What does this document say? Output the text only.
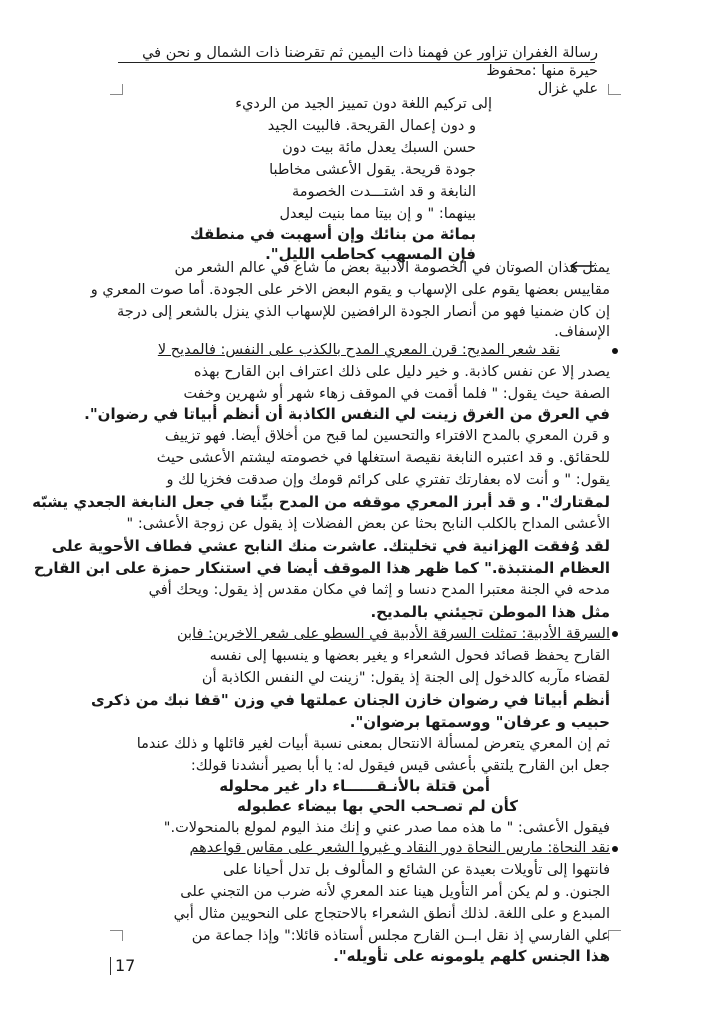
رسالة الغفران تزاور عن فهمنا ذات اليمين ثم تقرضنا ذات الشمال و نحن في حيرة منها :محفوظ
علي غزال
إلى تركيم اللغة دون تمييز الجيد من الرديء
و دون إعمال القريحة. فالبيت الجيد
حسن السبك يعدل مائة بيت دون
جودة قريحة. يقول الأعشى مخاطبا
النابغة و قد اشتـــدت الخصومة
بينهما: " و إن بيتا مما بنيت ليعدل
بمائة من بنائك وإن أسهبت في منطقك
فإن المسهب كحاطب الليل".
يمثل هذان الصوتان في الخصومة الأدبية بعض ما شاع في عالم الشعر من
مقاييس بعضها يقوم على الإسهاب و يقوم البعض الاخر على الجودة. أما صوت المعري و
إن كان ضمنيا فهو من أنصار الجودة الرافضين للإسهاب الذي ينزل بالشعر إلى درجة
الإسفاف.
نقد شعر المديح: قرن المعري المدح بالكذب على النفس: فالمديح لا
يصدر إلا عن نفس كاذبة. و خير دليل على ذلك اعتراف ابن القارح بهذه
الصفة حيث يقول: " فلما أقمت في الموقف زهاء شهر أو شهرين وخفت
في العرق من الغرق زينت لي النفس الكاذبة أن أنظم أبياتا في رضوان".
و قرن المعري بالمدح الافتراء والتحسين لما قبح من أخلاق أيضا. فهو تزييف
للحقائق. و قد اعتبره النابغة نقيصة استغلها في خصومته ليشتم الأعشى حيث
يقول: " و أنت لاه بعفارتك تفتري على كرائم قومك وإن صدقت فخزيا لك و
لمقتارك". و قد أبرز المعري موقفه من المدح بيِّنا في جعل النابغة الجعدي يشبّه
الأعشى المداح بالكلب النابح بحثا عن بعض الفضلات إذ يقول عن زوجة الأعشى: "
لقد وُفقت الهزانية في تخليتك. عاشرت منك النابح عشي فطاف الأحوية على
العظام المنتبذة." كما ظهر هذا الموقف أيضا في استنكار حمزة على ابن القارح
مدحه في الجنة معتبرا المدح دنسا و إثما في مكان مقدس إذ يقول: ويحك أفي
مثل هذا الموطن تجيئني بالمديح.
السرقة الأدبية: تمثلت السرقة الأدبية في السطو على شعر الاخرين: فابن
القارح يحفظ قصائد فحول الشعراء و يغير بعضها و ينسبها إلى نفسه
لقضاء مآربه كالدخول إلى الجنة إذ يقول: "زينت لي النفس الكاذبة أن
أنظم أبياتا في رضوان خازن الجنان عملتها في وزن "قفا نبك من ذكرى
حبيب و عرفان" ووسمتها برضوان".
ثم إن المعري يتعرض لمسألة الانتحال بمعنى نسبة أبيات لغير قائلها و ذلك عندما
جعل ابن القارح يلتقي بأعشى قيس فيقول له: يا أبا بصير أنشدنا قولك:
أمن قتلة بالأنـقــــــاء دار غير محلوله
كأن لم تصـحب الحي بها بيضاء عطبوله
فيقول الأعشى: " ما هذه مما صدر عني و إنك منذ اليوم لمولع بالمنحولات."
نقد النحاة: مارس النحاة دور النقاد و غيروا الشعر على مقاس قواعدهم
فانتهوا إلى تأويلات بعيدة عن الشائع و المألوف بل تدل أحيانا على
الجنون. و لم يكن أمر التأويل هينا عند المعري لأنه ضرب من التجني على
المبدع و على اللغة. لذلك أنطق الشعراء بالاحتجاج على النحويين مثال أبي
علي الفارسي إذ نقل ابــن القارح مجلس أستاذه قائلا:" وإذا جماعة من
هذا الجنس كلهم يلومونه على تأويله".
17
